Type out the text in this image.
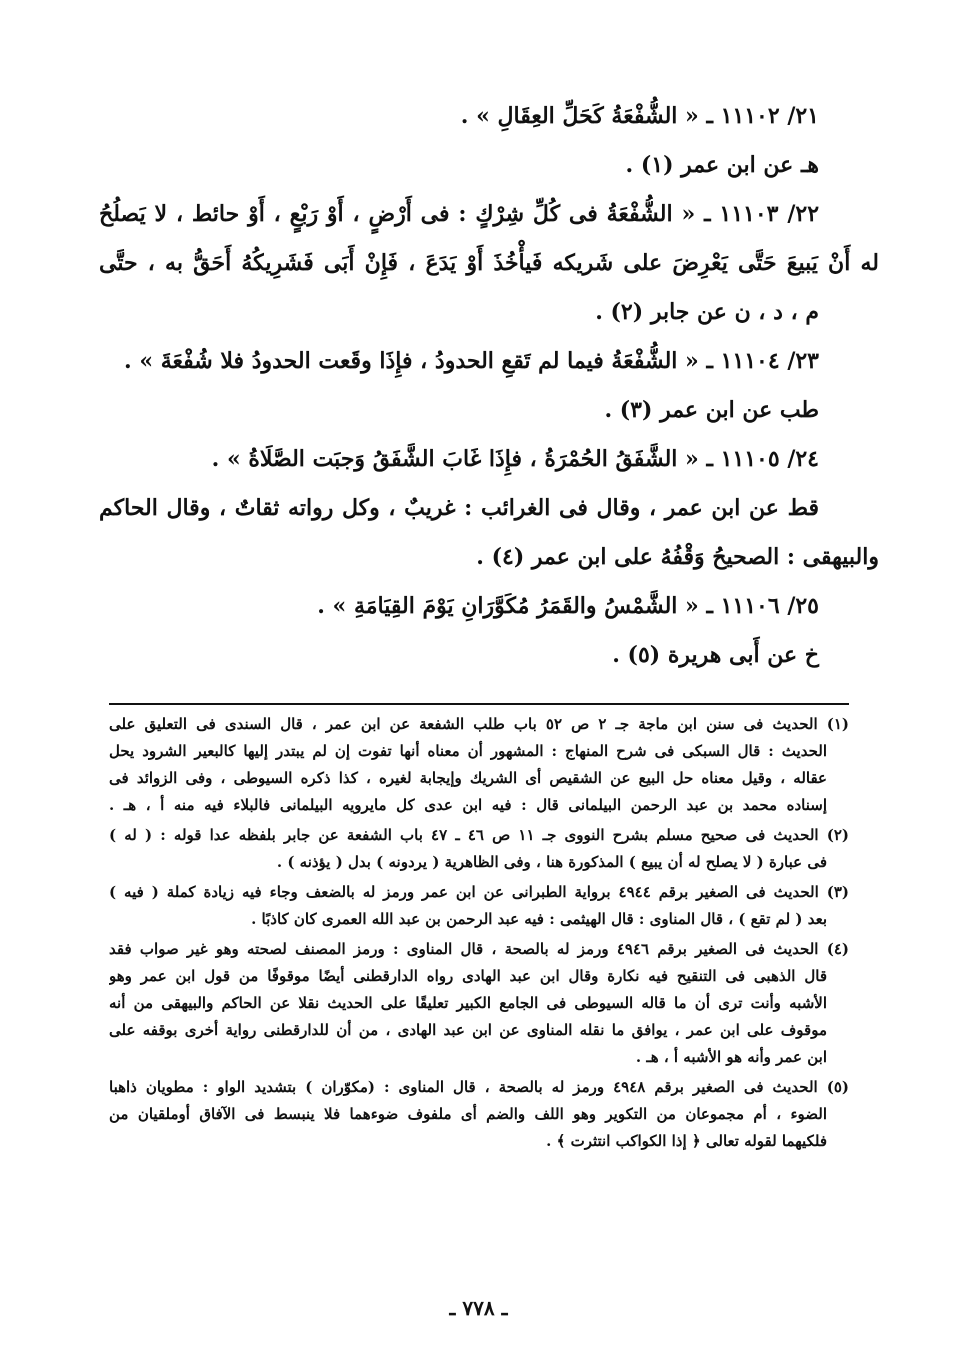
٢١/ ١١١٠٢ ـ « الشُّفْعَةُ كَحَلِّ العِقَالِ » .
هـ عن ابن عمر (١) .
٢٢/ ١١١٠٣ ـ « الشُّفْعَةُ فى كُلِّ شِرْكٍ : فى أَرْضٍ ، أَوْ رَبْعٍ ، أَوْ حائط ، لا يَصلُحُ
له أَنْ يَبيعَ حَتَّى يَعْرِضَ على شَريكه فَيأْخُذَ أَوْ يَدَعَ ، فَإِنْ أَبَى فَشَرِيكُهُ أَحَقُّ به ، حتَّى
م ، د ، ن عن جابر (٢) .
٢٣/ ١١١٠٤ ـ « الشُّفْعَةُ فيما لم تَقعِ الحدودُ ، فإِذَا وقَعت الحدودُ فلا شُفْعَةَ » .
طب عن ابن عمر (٣) .
٢٤/ ١١١٠٥ ـ « الشَّفَقُ الحُمْرَةُ ، فإِذَا غَابَ الشَّفَقُ وَجبَت الصَّلَاةُ » .
قط عن ابن عمر ، وقال فى الغرائب : غريبٌ ، وكل رواته ثقاتٌ ، وقال الحاكم
والبيهقى : الصحيحُ وَقْفُهُ على ابن عمر (٤) .
٢٥/ ١١١٠٦ ـ « الشَّمْسُ والقَمَرُ مُكَوَّرَانِ يَوْمَ القِيَامَةِ » .
خ عن أَبى هريرة (٥) .
(١) الحديث فى سنن ابن ماجة جـ ٢ ص ٥٢ باب طلب الشفعة عن ابن عمر ، قال السندى فى التعليق على
الحديث : قال السبكى فى شرح المنهاج : المشهور أن معناه أنها تفوت إن لم يبتدر إليها كالبعير الشرود يحل
عقاله ، وقيل معناه حل البيع عن الشقيص أى الشريك وإيجابة لغيره ، كذا ذكره السيوطى ، وفى الزوائد فى
إسناده محمد بن عبد الرحمن البيلمانى قال : فيه ابن عدى كل مايرويه البيلمانى فالبلاء فيه منه أ ، هـ .
(٢) الحديث فى صحيح مسلم بشرح النووى جـ ١١ ص ٤٦ ـ ٤٧ باب الشفعة عن جابر بلفظه عدا قوله : ( له )
فى عبارة ( لا يصلح له أن يبيع ) المذكورة هنا ، وفى الظاهرية ( يردونه ) بدل ( يؤذنه ) .
(٣) الحديث فى الصغير برقم ٤٩٤٤ برواية الطبرانى عن ابن عمر ورمز له بالضعف وجاء فيه زيادة كملة ( فيه )
بعد ( لم تقع ) ، قال المناوى : قال الهيثمى : فيه عبد الرحمن بن عبد الله العمرى كان كاذبًا .
(٤) الحديث فى الصغير برقم ٤٩٤٦ ورمز له بالصحة ، قال المناوى : ورمز المصنف لصحته وهو غير صواب فقد
قال الذهبى فى التنقيح فيه نكارة وقال ابن عبد الهادى رواه الدارقطنى أيضًا موقوفًا من قول ابن عمر وهو
الأشبه وأنت ترى أن ما قاله السيوطى فى الجامع الكبير تعليقًا على الحديث نقلا عن الحاكم والبيهقى من أنه
موقوف على ابن عمر ، يوافق ما نقله المناوى عن ابن عبد الهادى ، من أن للدارقطنى رواية أخرى بوقفه على
ابن عمر وأنه هو الأشبه أ ، هـ .
(٥) الحديث فى الصغير برقم ٤٩٤٨ ورمز له بالصحة ، قال المناوى : (مكوّران ) بتشديد الواو : مطويان ذاهبا
الضوء ، أم مجموعان من التكوير وهو اللف والضم أى ملفوف ضوءهما فلا ينبسط فى الآفاق أوملقيان من
فلكيهما لقوله تعالى ﴿ إذا الكواكب انتثرت ﴾ .
ـ ٧٧٨ ـ
